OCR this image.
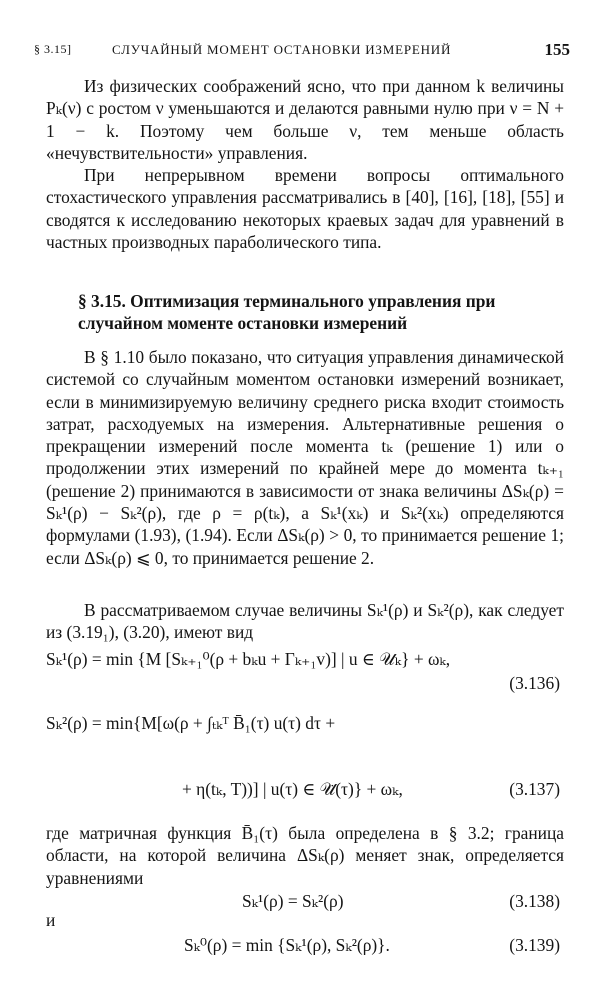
§ 3.15]	СЛУЧАЙНЫЙ МОМЕНТ ОСТАНОВКИ ИЗМЕРЕНИЙ	155
Из физических соображений ясно, что при данном k величины Pₖ(ν) с ростом ν уменьшаются и делаются равными нулю при ν = N + 1 − k. Поэтому чем больше ν, тем меньше область «нечувствительности» управления.
При непрерывном времени вопросы оптимального стохастического управления рассматривались в [40], [16], [18], [55] и сводятся к исследованию некоторых краевых задач для уравнений в частных производных параболического типа.
§ 3.15. Оптимизация терминального управления при случайном моменте остановки измерений
В § 1.10 было показано, что ситуация управления динамической системой со случайным моментом остановки измерений возникает, если в минимизируемую величину среднего риска входит стоимость затрат, расходуемых на измерения. Альтернативные решения о прекращении измерений после момента tₖ (решение 1) или о продолжении этих измерений по крайней мере до момента tₖ₊₁ (решение 2) принимаются в зависимости от знака величины ΔSₖ(ρ) = Sₖ¹(ρ) − Sₖ²(ρ), где ρ = ρ(tₖ), а Sₖ¹(xₖ) и Sₖ²(xₖ) определяются формулами (1.93), (1.94). Если ΔSₖ(ρ) > 0, то принимается решение 1; если ΔSₖ(ρ) ⩽ 0, то принимается решение 2.
В рассматриваемом случае величины Sₖ¹(ρ) и Sₖ²(ρ), как следует из (3.19₁), (3.20), имеют вид
Sₖ¹(ρ) = min {M [Sₖ₊₁⁰(ρ + bₖu + Γₖ₊₁v)] | u ∈ 𝒰ₖ} + ωₖ,
(3.136)
Sₖ²(ρ) = min{M[ω(ρ + ∫ₜₖᵀ B̄₁(τ) u(τ) dτ +
+ η(tₖ, T))] | u(τ) ∈ 𝒰̇(τ)} + ωₖ,	(3.137)
где матричная функция B̄₁(τ) была определена в § 3.2; граница области, на которой величина ΔSₖ(ρ) меняет знак, определяется уравнениями
Sₖ¹(ρ) = Sₖ²(ρ)	(3.138)
и
Sₖ⁰(ρ) = min {Sₖ¹(ρ), Sₖ²(ρ)}.	(3.139)
